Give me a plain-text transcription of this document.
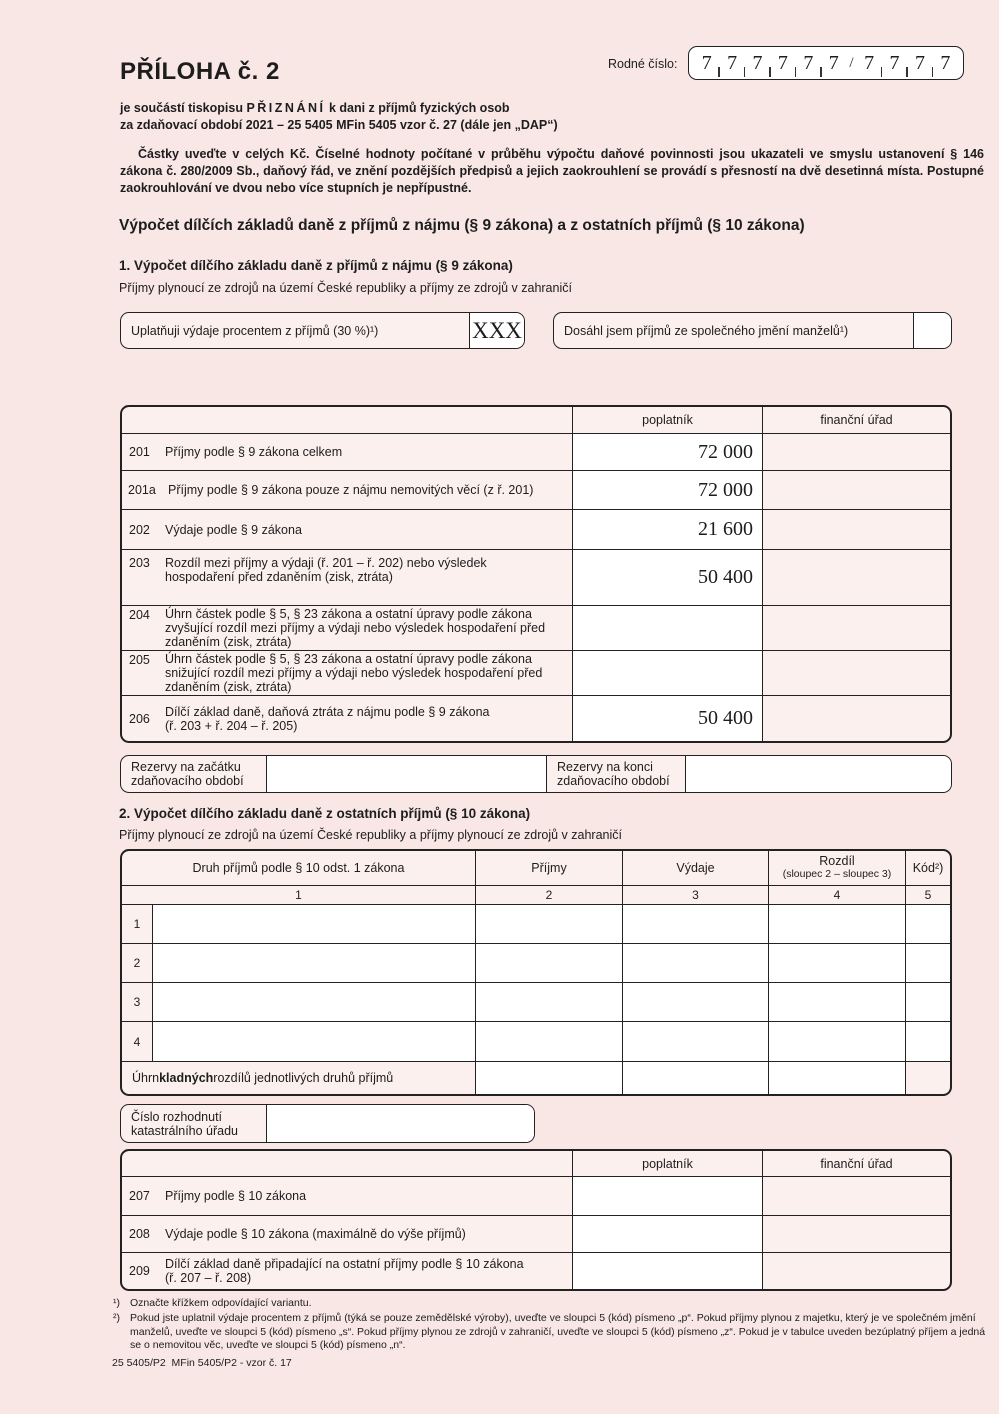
Rodné číslo:	7 7 7 7 7 7 / 7 7 7 7
PŘÍLOHA č. 2
je součástí tiskopisu PŘIZNÁNÍ k dani z příjmů fyzických osob
za zdaňovací období 2021 – 25 5405 MFin 5405 vzor č. 27 (dále jen „DAP“)
Částky uveďte v celých Kč. Číselné hodnoty počítané v průběhu výpočtu daňové povinnosti jsou ukazateli ve smyslu ustanovení § 146 zákona č. 280/2009 Sb., daňový řád, ve znění pozdějších předpisů a jejich zaokrouhlení se provádí s přesností na dvě desetinná místa. Postupné zaokrouhlování ve dvou nebo více stupních je nepřípustné.
Výpočet dílčích základů daně z příjmů z nájmu (§ 9 zákona) a z ostatních příjmů (§ 10 zákona)
1. Výpočet dílčího základu daně z příjmů z nájmu (§ 9 zákona)
Příjmy plynoucí ze zdrojů na území České republiky a příjmy ze zdrojů v zahraničí
Uplatňuji výdaje procentem z příjmů (30 %)¹)	XXX	Dosáhl jsem příjmů ze společného jmění manželů¹)
poplatník	finanční úřad
201	Příjmy podle § 9 zákona celkem	72 000
201a Příjmy podle § 9 zákona pouze z nájmu nemovitých věcí (z ř. 201)	72 000
202	Výdaje podle § 9 zákona	21 600
203	Rozdíl mezi příjmy a výdaji (ř. 201 – ř. 202) nebo výsledek hospodaření před zdaněním (zisk, ztráta)	50 400
204	Úhrn částek podle § 5, § 23 zákona a ostatní úpravy podle zákona zvyšující rozdíl mezi příjmy a výdaji nebo výsledek hospodaření před zdaněním (zisk, ztráta)
205	Úhrn částek podle § 5, § 23 zákona a ostatní úpravy podle zákona snižující rozdíl mezi příjmy a výdaji nebo výsledek hospodaření před zdaněním (zisk, ztráta)
206	Dílčí základ daně, daňová ztráta z nájmu podle § 9 zákona
(ř. 203 + ř. 204 – ř. 205)	50 400
Rezervy na začátku zdaňovacího období
Rezervy na konci zdaňovacího období
2. Výpočet dílčího základu daně z ostatních příjmů (§ 10 zákona)
Příjmy plynoucí ze zdrojů na území České republiky a příjmy plynoucí ze zdrojů v zahraničí
Druh příjmů podle § 10 odst. 1 zákona	Příjmy	Výdaje	Rozdíl
(sloupec 2 – sloupec 3)	Kód²)
1	2	3	4	5
1
2
3
4
Úhrn kladných rozdílů jednotlivých druhů příjmů
Číslo rozhodnutí katastrálního úřadu
poplatník	finanční úřad
207	Příjmy podle § 10 zákona
208	Výdaje podle § 10 zákona (maximálně do výše příjmů)
209	Dílčí základ daně připadající na ostatní příjmy podle § 10 zákona
(ř. 207 – ř. 208)
¹) Označte křížkem odpovídající variantu.
²) Pokud jste uplatnil výdaje procentem z příjmů (týká se pouze zemědělské výroby), uveďte ve sloupci 5 (kód) písmeno „p“. Pokud příjmy plynou z majetku, který je ve společném jmění manželů, uveďte ve sloupci 5 (kód) písmeno „s“. Pokud příjmy plynou ze zdrojů v zahraničí, uveďte ve sloupci 5 (kód) písmeno „z“. Pokud je v tabulce uveden bezúplatný příjem a jedná se o nemovitou věc, uveďte ve sloupci 5 (kód) písmeno „n“.
25 5405/P2  MFin 5405/P2 - vzor č. 17
